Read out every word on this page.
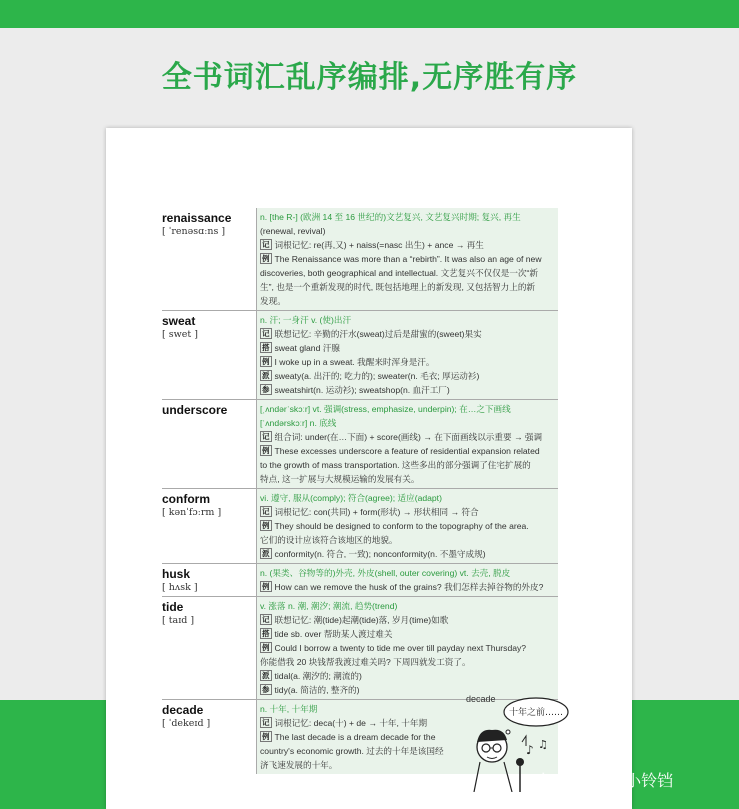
全书词汇乱序编排,无序胜有序
renaissance
[ ˈrenəsɑːns ]
n. [the R-] (欧洲 14 至 16 世纪的)文艺复兴, 文艺复兴时期; 复兴, 再生
(renewal, revival)
记 词根记忆: re(再,又) + naiss(=nasc 出生) + ance → 再生
例 The Renaissance was more than a “rebirth”. It was also an age of new
discoveries, both geographical and intellectual. 文艺复兴不仅仅是一次“新
生”, 也是一个重新发现的时代, 既包括地理上的新发现, 又包括智力上的新
发现。
sweat
[ swet ]
n. 汗; 一身汗 v. (使)出汗
记 联想记忆: 辛勤的汗水(sweat)过后是甜蜜的(sweet)果实
搭 sweat gland 汗腺
例 I woke up in a sweat. 我醒来时浑身是汗。
派 sweaty(a. 出汗的; 吃力的); sweater(n. 毛衣; 厚运动衫)
参 sweatshirt(n. 运动衫); sweatshop(n. 血汗工厂)
underscore	[ˌʌndərˈskɔːr] vt. 强调(stress, emphasize, underpin); 在…之下画线
[ˈʌndərskɔːr] n. 底线
记 组合词: under(在…下面) + score(画线) → 在下面画线以示重要 → 强调
例 These excesses underscore a feature of residential expansion related
to the growth of mass transportation. 这些多出的部分强调了住宅扩展的
特点, 这一扩展与大规模运输的发展有关。
conform
[ kənˈfɔːrm ]
vi. 遵守, 服从(comply); 符合(agree); 适应(adapt)
记 词根记忆: con(共同) + form(形状) → 形状相同 → 符合
例 They should be designed to conform to the topography of the area.
它们的设计应该符合该地区的地貌。
派 conformity(n. 符合, 一致); nonconformity(n. 不墨守成规)
husk
[ hʌsk ]
n. (果类、谷物等的)外壳, 外皮(shell, outer covering) vt. 去壳, 脱皮
例 How can we remove the husk of the grains? 我们怎样去掉谷物的外皮?
tide
[ taɪd ]
v. 涨落 n. 潮, 潮汐; 潮流, 趋势(trend)
记 联想记忆: 潮(tide)起潮(tide)落, 岁月(time)如歌
搭 tide sb. over 帮助某人渡过难关
例 Could I borrow a twenty to tide me over till payday next Thursday?
你能借我 20 块钱帮我渡过难关吗? 下周四就发工资了。
派 tidal(a. 潮汐的; 潮流的)
参 tidy(a. 简洁的, 整齐的)
decade
[ ˈdekeɪd ]
n. 十年, 十年期
记 词根记忆: deca(十) + de → 十年, 十年期
例 The last decade is a dream decade for the
country's economic growth. 过去的十年是该国经
济飞速发展的十年。
decade
十年之前……
♪ ♫
知乎 @爱美小铃铛
